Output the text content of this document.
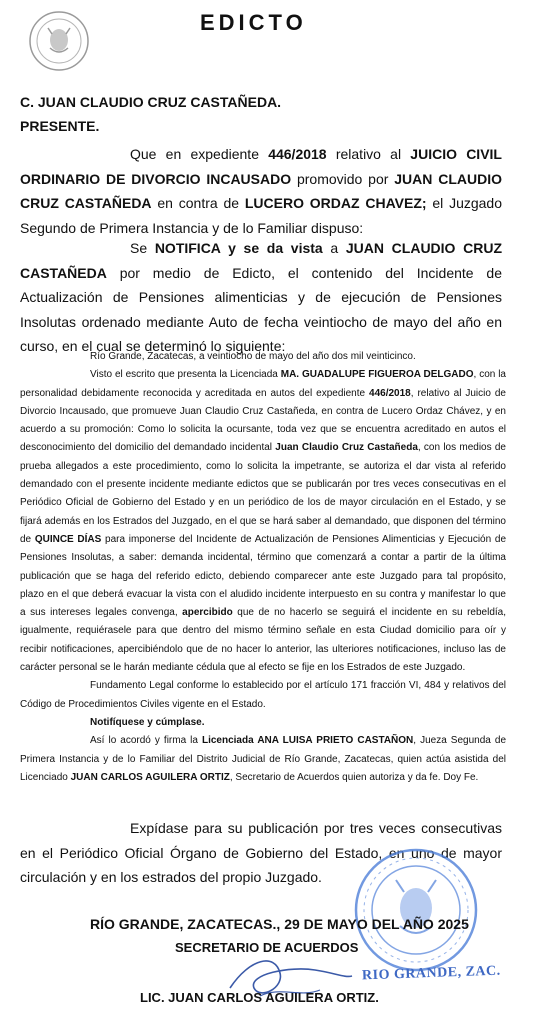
EDICTO
C. JUAN CLAUDIO CRUZ CASTAÑEDA.
PRESENTE.
Que en expediente 446/2018 relativo al JUICIO CIVIL ORDINARIO DE DIVORCIO INCAUSADO promovido por JUAN CLAUDIO CRUZ CASTAÑEDA en contra de LUCERO ORDAZ CHAVEZ; el Juzgado Segundo de Primera Instancia y de lo Familiar dispuso:
Se NOTIFICA y se da vista a JUAN CLAUDIO CRUZ CASTAÑEDA por medio de Edicto, el contenido del Incidente de Actualización de Pensiones alimenticias y de ejecución de Pensiones Insolutas ordenado mediante Auto de fecha veintiocho de mayo del año en curso, en el cual se determinó lo siguiente:

Río Grande, Zacatecas, a veintiocho de mayo del año dos mil veinticinco.

Visto el escrito que presenta la Licenciada MA. GUADALUPE FIGUEROA DELGADO, con la personalidad debidamente reconocida y acreditada en autos del expediente 446/2018, relativo al Juicio de Divorcio Incausado, que promueve Juan Claudio Cruz Castañeda, en contra de Lucero Ordaz Chávez, y en acuerdo a su promoción: Como lo solicita la ocursante, toda vez que se encuentra acreditado en autos el desconocimiento del domicilio del demandado incidental Juan Claudio Cruz Castañeda, con los medios de prueba allegados a este procedimiento, como lo solicita la impetrante, se autoriza el dar vista al referido demandado con el presente incidente mediante edictos que se publicarán por tres veces consecutivas en el Periódico Oficial de Gobierno del Estado y en un periódico de los de mayor circulación en el Estado, y se fijará además en los Estrados del Juzgado, en el que se hará saber al demandado, que disponen del término de QUINCE DÍAS para imponerse del Incidente de Actualización de Pensiones Alimenticias y Ejecución de Pensiones Insolutas, a saber: demanda incidental, término que comenzará a contar a partir de la última publicación que se haga del referido edicto, debiendo comparecer ante este Juzgado para tal propósito, plazo en el que deberá evacuar la vista con el aludido incidente interpuesto en su contra y manifestar lo que a sus intereses legales convenga, apercibido que de no hacerlo se seguirá el incidente en su rebeldía, igualmente, requiérasele para que dentro del mismo término señale en esta Ciudad domicilio para oír y recibir notificaciones, apercibiéndolo que de no hacer lo anterior, las ulteriores notificaciones, incluso las de carácter personal se le harán mediante cédula que al efecto se fije en los Estrados de este Juzgado.

Fundamento Legal conforme lo establecido por el artículo 171 fracción VI, 484 y relativos del Código de Procedimientos Civiles vigente en el Estado.

Notifíquese y cúmplase.

Así lo acordó y firma la Licenciada ANA LUISA PRIETO CASTAÑON, Jueza Segunda de Primera Instancia y de lo Familiar del Distrito Judicial de Río Grande, Zacatecas, quien actúa asistida del Licenciado JUAN CARLOS AGUILERA ORTIZ, Secretario de Acuerdos quien autoriza y da fe. Doy Fe.

Expídase para su publicación por tres veces consecutivas en el Periódico Oficial Órgano de Gobierno del Estado, en uno de mayor circulación y en los estrados del propio Juzgado.
RÍO GRANDE, ZACATECAS., 29 DE MAYO DEL AÑO 2025
SECRETARIO DE ACUERDOS
RIO GRANDE, ZAC.
LIC. JUAN CARLOS AGUILERA ORTIZ.
